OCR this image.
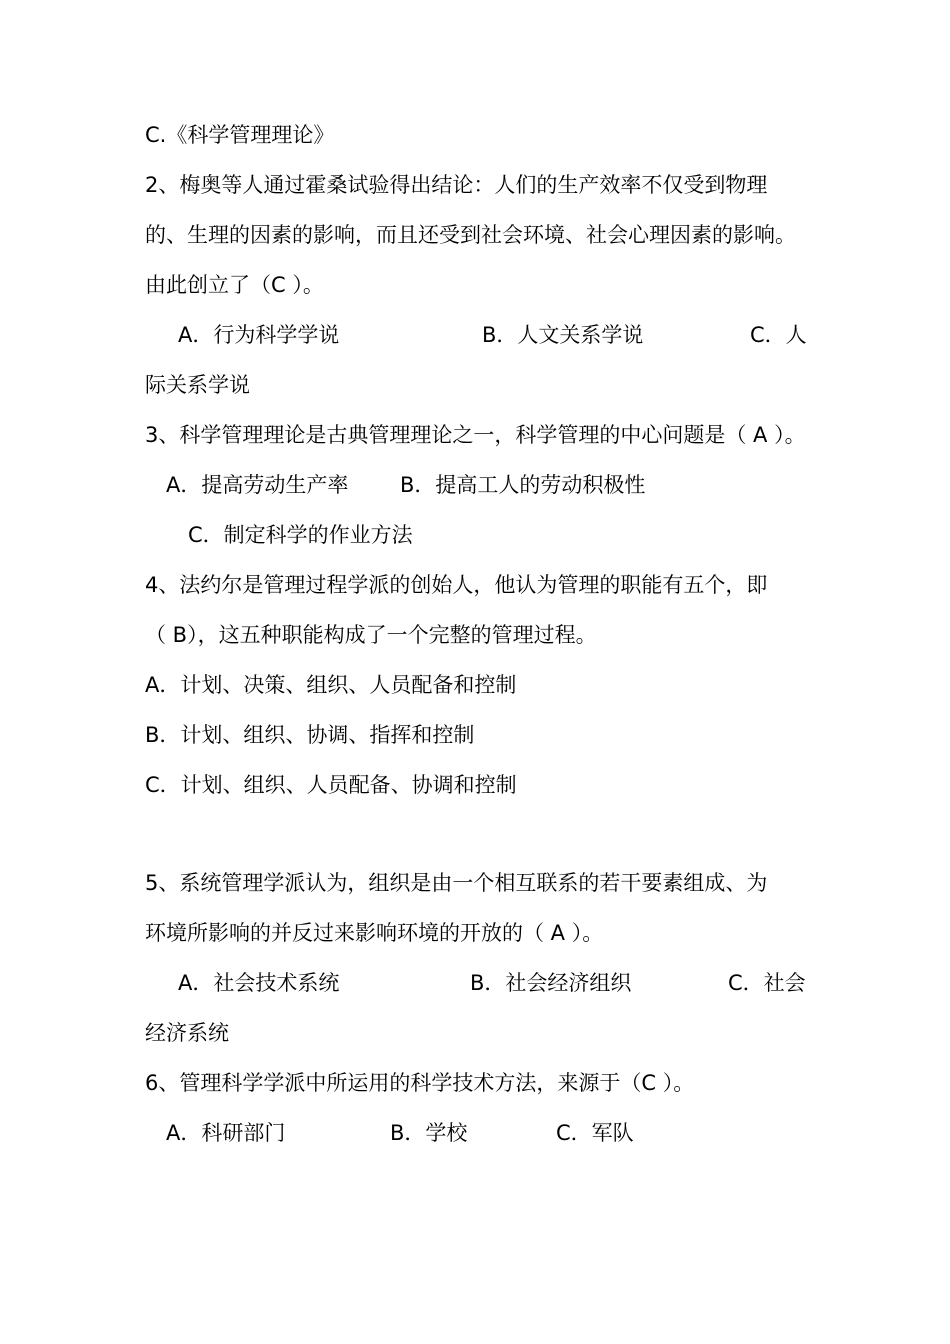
C.《科学管理理论》
2、梅奥等人通过霍桑试验得出结论：人们的生产效率不仅受到物理
的、生理的因素的影响，而且还受到社会环境、社会心理因素的影响。
由此创立了（C ）。
A．行为科学学说	B．人文关系学说	C．人
际关系学说
3、科学管理理论是古典管理理论之一，科学管理的中心问题是（ A ）。
A．提高劳动生产率 B．提高工人的劳动积极性
C．制定科学的作业方法
4、法约尔是管理过程学派的创始人，他认为管理的职能有五个，即
（ B），这五种职能构成了一个完整的管理过程。
A．计划、决策、组织、人员配备和控制
B．计划、组织、协调、指挥和控制
C．计划、组织、人员配备、协调和控制
5、系统管理学派认为，组织是由一个相互联系的若干要素组成、为
环境所影响的并反过来影响环境的开放的（ A ）。
A．社会技术系统	B．社会经济组织	C．社会
经济系统
6、管理科学学派中所运用的科学技术方法，来源于（C ）。
A．科研部门	B．学校	C．军队
